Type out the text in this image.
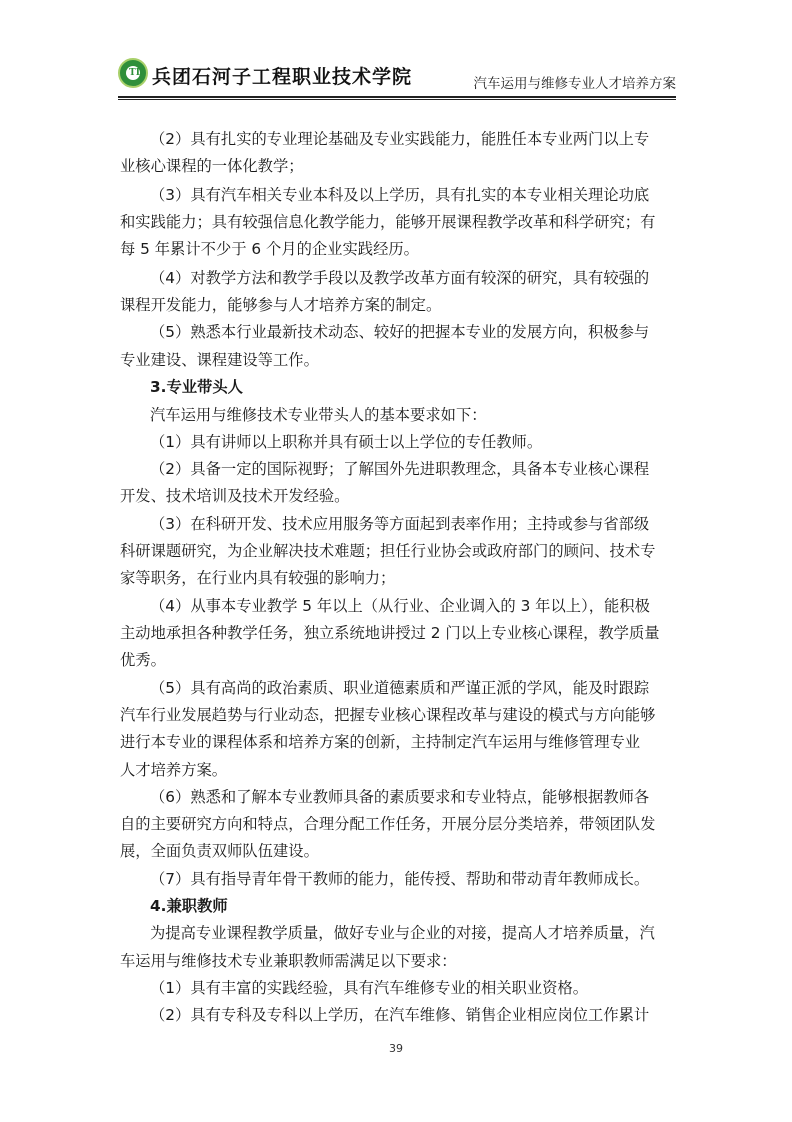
TL 兵团石河子工程职业技术学院	汽车运用与维修专业人才培养方案
（2）具有扎实的专业理论基础及专业实践能力，能胜任本专业两门以上专
业核心课程的一体化教学；
（3）具有汽车相关专业本科及以上学历，具有扎实的本专业相关理论功底
和实践能力；具有较强信息化教学能力，能够开展课程教学改革和科学研究；有
每 5 年累计不少于 6 个月的企业实践经历。
（4）对教学方法和教学手段以及教学改革方面有较深的研究，具有较强的
课程开发能力，能够参与人才培养方案的制定。
（5）熟悉本行业最新技术动态、较好的把握本专业的发展方向，积极参与
专业建设、课程建设等工作。
3.专业带头人
汽车运用与维修技术专业带头人的基本要求如下：
（1）具有讲师以上职称并具有硕士以上学位的专任教师。
（2）具备一定的国际视野；了解国外先进职教理念，具备本专业核心课程
开发、技术培训及技术开发经验。
（3）在科研开发、技术应用服务等方面起到表率作用；主持或参与省部级
科研课题研究，为企业解决技术难题；担任行业协会或政府部门的顾问、技术专
家等职务，在行业内具有较强的影响力；
（4）从事本专业教学 5 年以上（从行业、企业调入的 3 年以上），能积极
主动地承担各种教学任务，独立系统地讲授过 2 门以上专业核心课程，教学质量
优秀。
（5）具有高尚的政治素质、职业道德素质和严谨正派的学风，能及时跟踪
汽车行业发展趋势与行业动态，把握专业核心课程改革与建设的模式与方向能够
进行本专业的课程体系和培养方案的创新，主持制定汽车运用与维修管理专业
人才培养方案。
（6）熟悉和了解本专业教师具备的素质要求和专业特点，能够根据教师各
自的主要研究方向和特点，合理分配工作任务，开展分层分类培养，带领团队发
展，全面负责双师队伍建设。
（7）具有指导青年骨干教师的能力，能传授、帮助和带动青年教师成长。
4.兼职教师
为提高专业课程教学质量，做好专业与企业的对接，提高人才培养质量，汽
车运用与维修技术专业兼职教师需满足以下要求：
（1）具有丰富的实践经验，具有汽车维修专业的相关职业资格。
（2）具有专科及专科以上学历，在汽车维修、销售企业相应岗位工作累计
39
